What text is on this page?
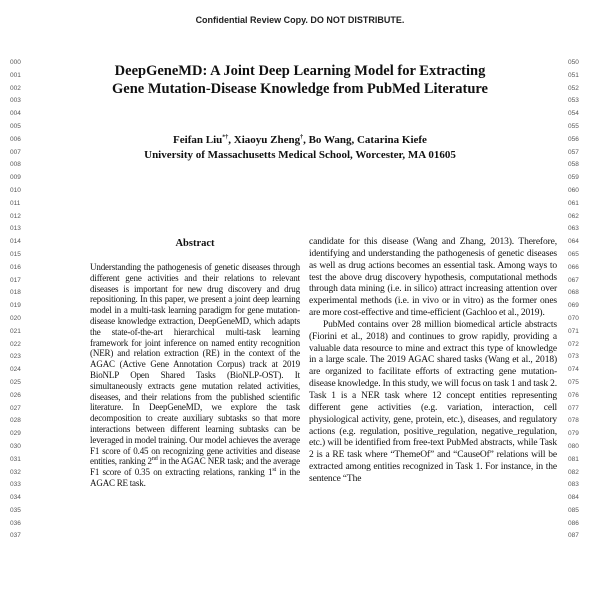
Confidential Review Copy. DO NOT DISTRIBUTE.
000
001
002
003
004
005
006
007
008
009
010
011
012
013
014
015
016
017
018
019
020
021
022
023
024
025
026
027
028
029
030
031
032
033
034
035
036
037
050
051
052
053
054
055
056
057
058
059
060
061
062
063
064
065
066
067
068
069
070
071
072
073
074
075
076
077
078
079
080
081
082
083
084
085
086
087
DeepGeneMD: A Joint Deep Learning Model for Extracting
Gene Mutation-Disease Knowledge from PubMed Literature
Feifan Liu*†, Xiaoyu Zheng†, Bo Wang, Catarina Kiefe
University of Massachusetts Medical School, Worcester, MA 01605
Abstract
Understanding the pathogenesis of genetic diseases through different gene activities and their relations to relevant diseases is important for new drug discovery and drug repositioning. In this paper, we present a joint deep learning model in a multi-task learning paradigm for gene mutation-disease knowledge extraction, DeepGeneMD, which adapts the state-of-the-art hierarchical multi-task learning framework for joint inference on named entity recognition (NER) and relation extraction (RE) in the context of the AGAC (Active Gene Annotation Corpus) track at 2019 BioNLP Open Shared Tasks (BioNLP-OST). It simultaneously extracts gene mutation related activities, diseases, and their relations from the published scientific literature. In DeepGeneMD, we explore the task decomposition to create auxiliary subtasks so that more interactions between different learning subtasks can be leveraged in model training. Our model achieves the average F1 score of 0.45 on recognizing gene activities and disease entities, ranking 2nd in the AGAC NER task; and the average F1 score of 0.35 on extracting relations, ranking 1st in the AGAC RE task.

candidate for this disease (Wang and Zhang, 2013). Therefore, identifying and understanding the pathogenesis of genetic diseases as well as drug actions becomes an essential task. Among ways to test the above drug discovery hypothesis, computational methods through data mining (i.e. in silico) attract increasing attention over experimental methods (i.e. in vivo or in vitro) as the former ones are more cost-effective and time-efficient (Gachloo et al., 2019).

PubMed contains over 28 million biomedical article abstracts (Fiorini et al., 2018) and continues to grow rapidly, providing a valuable data resource to mine and extract this type of knowledge in a large scale. The 2019 AGAC shared tasks (Wang et al., 2018) are organized to facilitate efforts of extracting gene mutation-disease knowledge. In this study, we will focus on task 1 and task 2. Task 1 is a NER task where 12 concept entities representing different gene activities (e.g. variation, interaction, cell physiological activity, gene, protein, etc.), diseases, and regulatory actions (e.g. regulation, positive_regulation, negative_regulation, etc.) will be identified from free-text PubMed abstracts, while Task 2 is a RE task where “ThemeOf” and “CauseOf” relations will be extracted among entities recognized in Task 1. For instance, in the sentence “The
